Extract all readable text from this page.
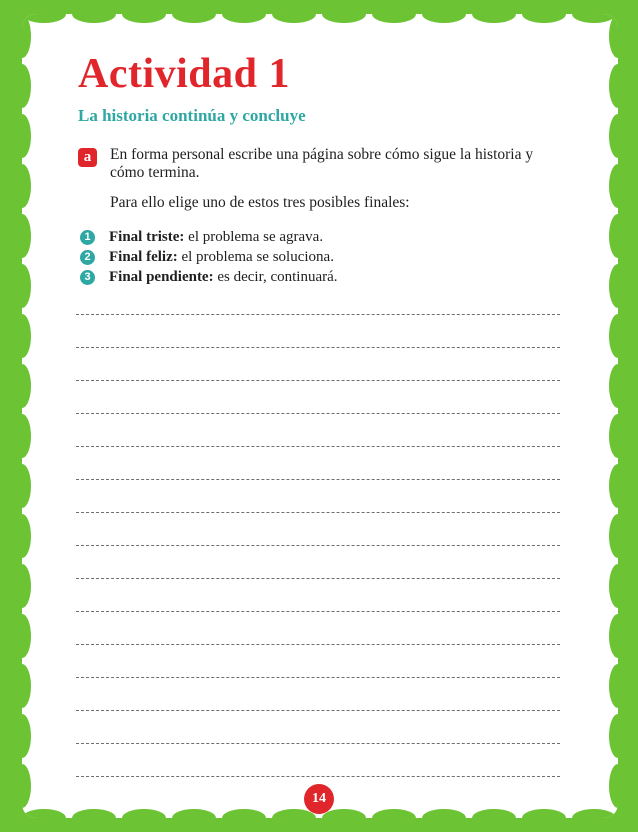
Actividad 1

La historia continúa y concluye

a	En forma personal escribe una página sobre cómo sigue la historia y cómo termina.

Para ello elige uno de estos tres posibles finales:

1 Final triste: el problema se agrava.
2 Final feliz: el problema se soluciona.
3 Final pendiente: es decir, continuará.
14
